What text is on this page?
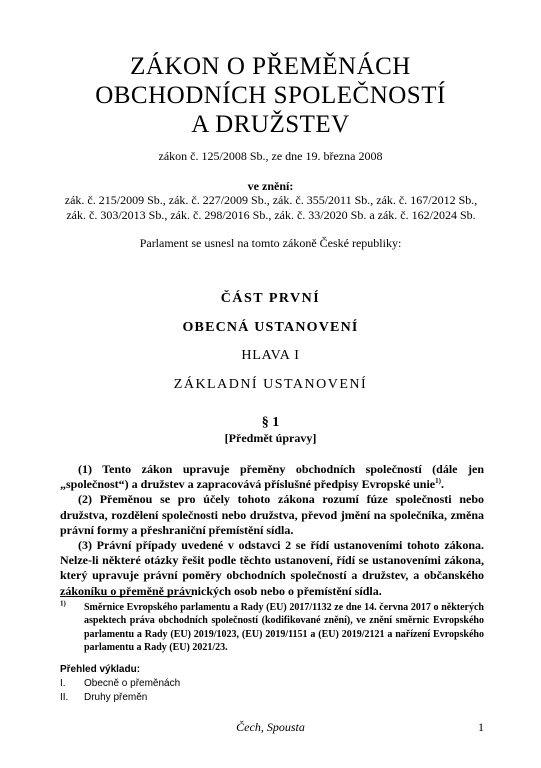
ZÁKON O PŘEMĚNÁCH
OBCHODNÍCH SPOLEČNOSTÍ
A DRUŽSTEV
zákon č. 125/2008 Sb., ze dne 19. března 2008
ve znění:
zák. č. 215/2009 Sb., zák. č. 227/2009 Sb., zák. č. 355/2011 Sb., zák. č. 167/2012 Sb., zák. č. 303/2013 Sb., zák. č. 298/2016 Sb., zák. č. 33/2020 Sb. a zák. č. 162/2024 Sb.
Parlament se usnesl na tomto zákoně České republiky:
ČÁST PRVNÍ
OBECNÁ USTANOVENÍ
HLAVA I
ZÁKLADNÍ USTANOVENÍ
§ 1
[Předmět úpravy]

(1) Tento zákon upravuje přeměny obchodních společností (dále jen „společnost“) a družstev a zapracovává příslušné předpisy Evropské unie$^{1)}$.

(2) Přeměnou se pro účely tohoto zákona rozumí fúze společnosti nebo družstva, rozdělení společnosti nebo družstva, převod jmění na společníka, změna právní formy a přeshraniční přemístění sídla.

(3) Právní případy uvedené v odstavci 2 se řídí ustanoveními tohoto zákona. Nelze-li některé otázky řešit podle těchto ustanovení, řídí se ustanoveními zákona, který upravuje právní poměry obchodních společností a družstev, a občanského zákoníku o přeměně právnických osob nebo o přemístění sídla.

$^{1)}$ Směrnice Evropského parlamentu a Rady (EU) 2017/1132 ze dne 14. června 2017 o některých aspektech práva obchodních společností (kodifikované znění), ve znění směrnic Evropského parlamentu a Rady (EU) 2019/1023, (EU) 2019/1151 a (EU) 2019/2121 a nařízení Evropského parlamentu a Rady (EU) 2021/23.
Přehled výkladu:
I. Obecně o přeměnách
II. Druhy přeměn
Čech, Spousta	1
